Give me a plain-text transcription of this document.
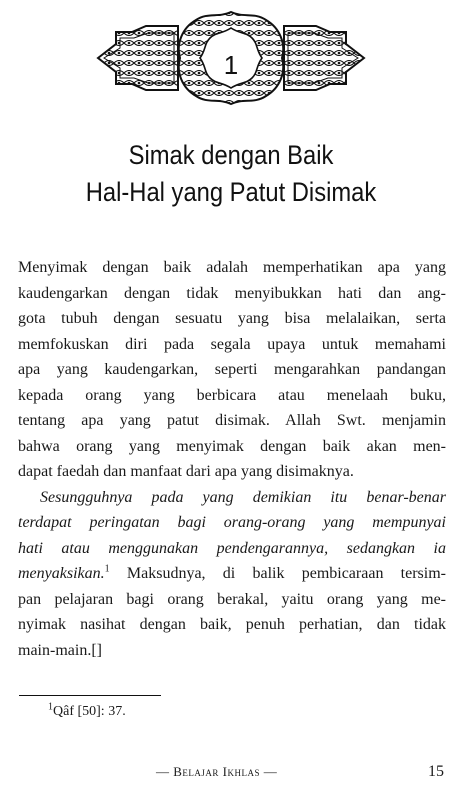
1
Simak dengan Baik
Hal-Hal yang Patut Disimak

Menyimak dengan baik adalah memperhatikan apa yang
kaudengarkan dengan tidak menyibukkan hati dan ang-
gota tubuh dengan sesuatu yang bisa melalaikan, serta
memfokuskan diri pada segala upaya untuk memahami
apa yang kaudengarkan, seperti mengarahkan pandangan
kepada orang yang berbicara atau menelaah buku,
tentang apa yang patut disimak. Allah Swt. menjamin
bahwa orang yang menyimak dengan baik akan men-
dapat faedah dan manfaat dari apa yang disimaknya.

Sesungguhnya pada yang demikian itu benar-benar
terdapat peringatan bagi orang-orang yang mempunyai
hati atau menggunakan pendengarannya, sedangkan ia
menyaksikan.$^1$ Maksudnya, di balik pembicaraan tersim-
pan pelajaran bagi orang berakal, yaitu orang yang me-
nyimak nasihat dengan baik, penuh perhatian, dan tidak
main-main.[]

$^1$Qâf [50]: 37.
— Belajar Ikhlas —	15
